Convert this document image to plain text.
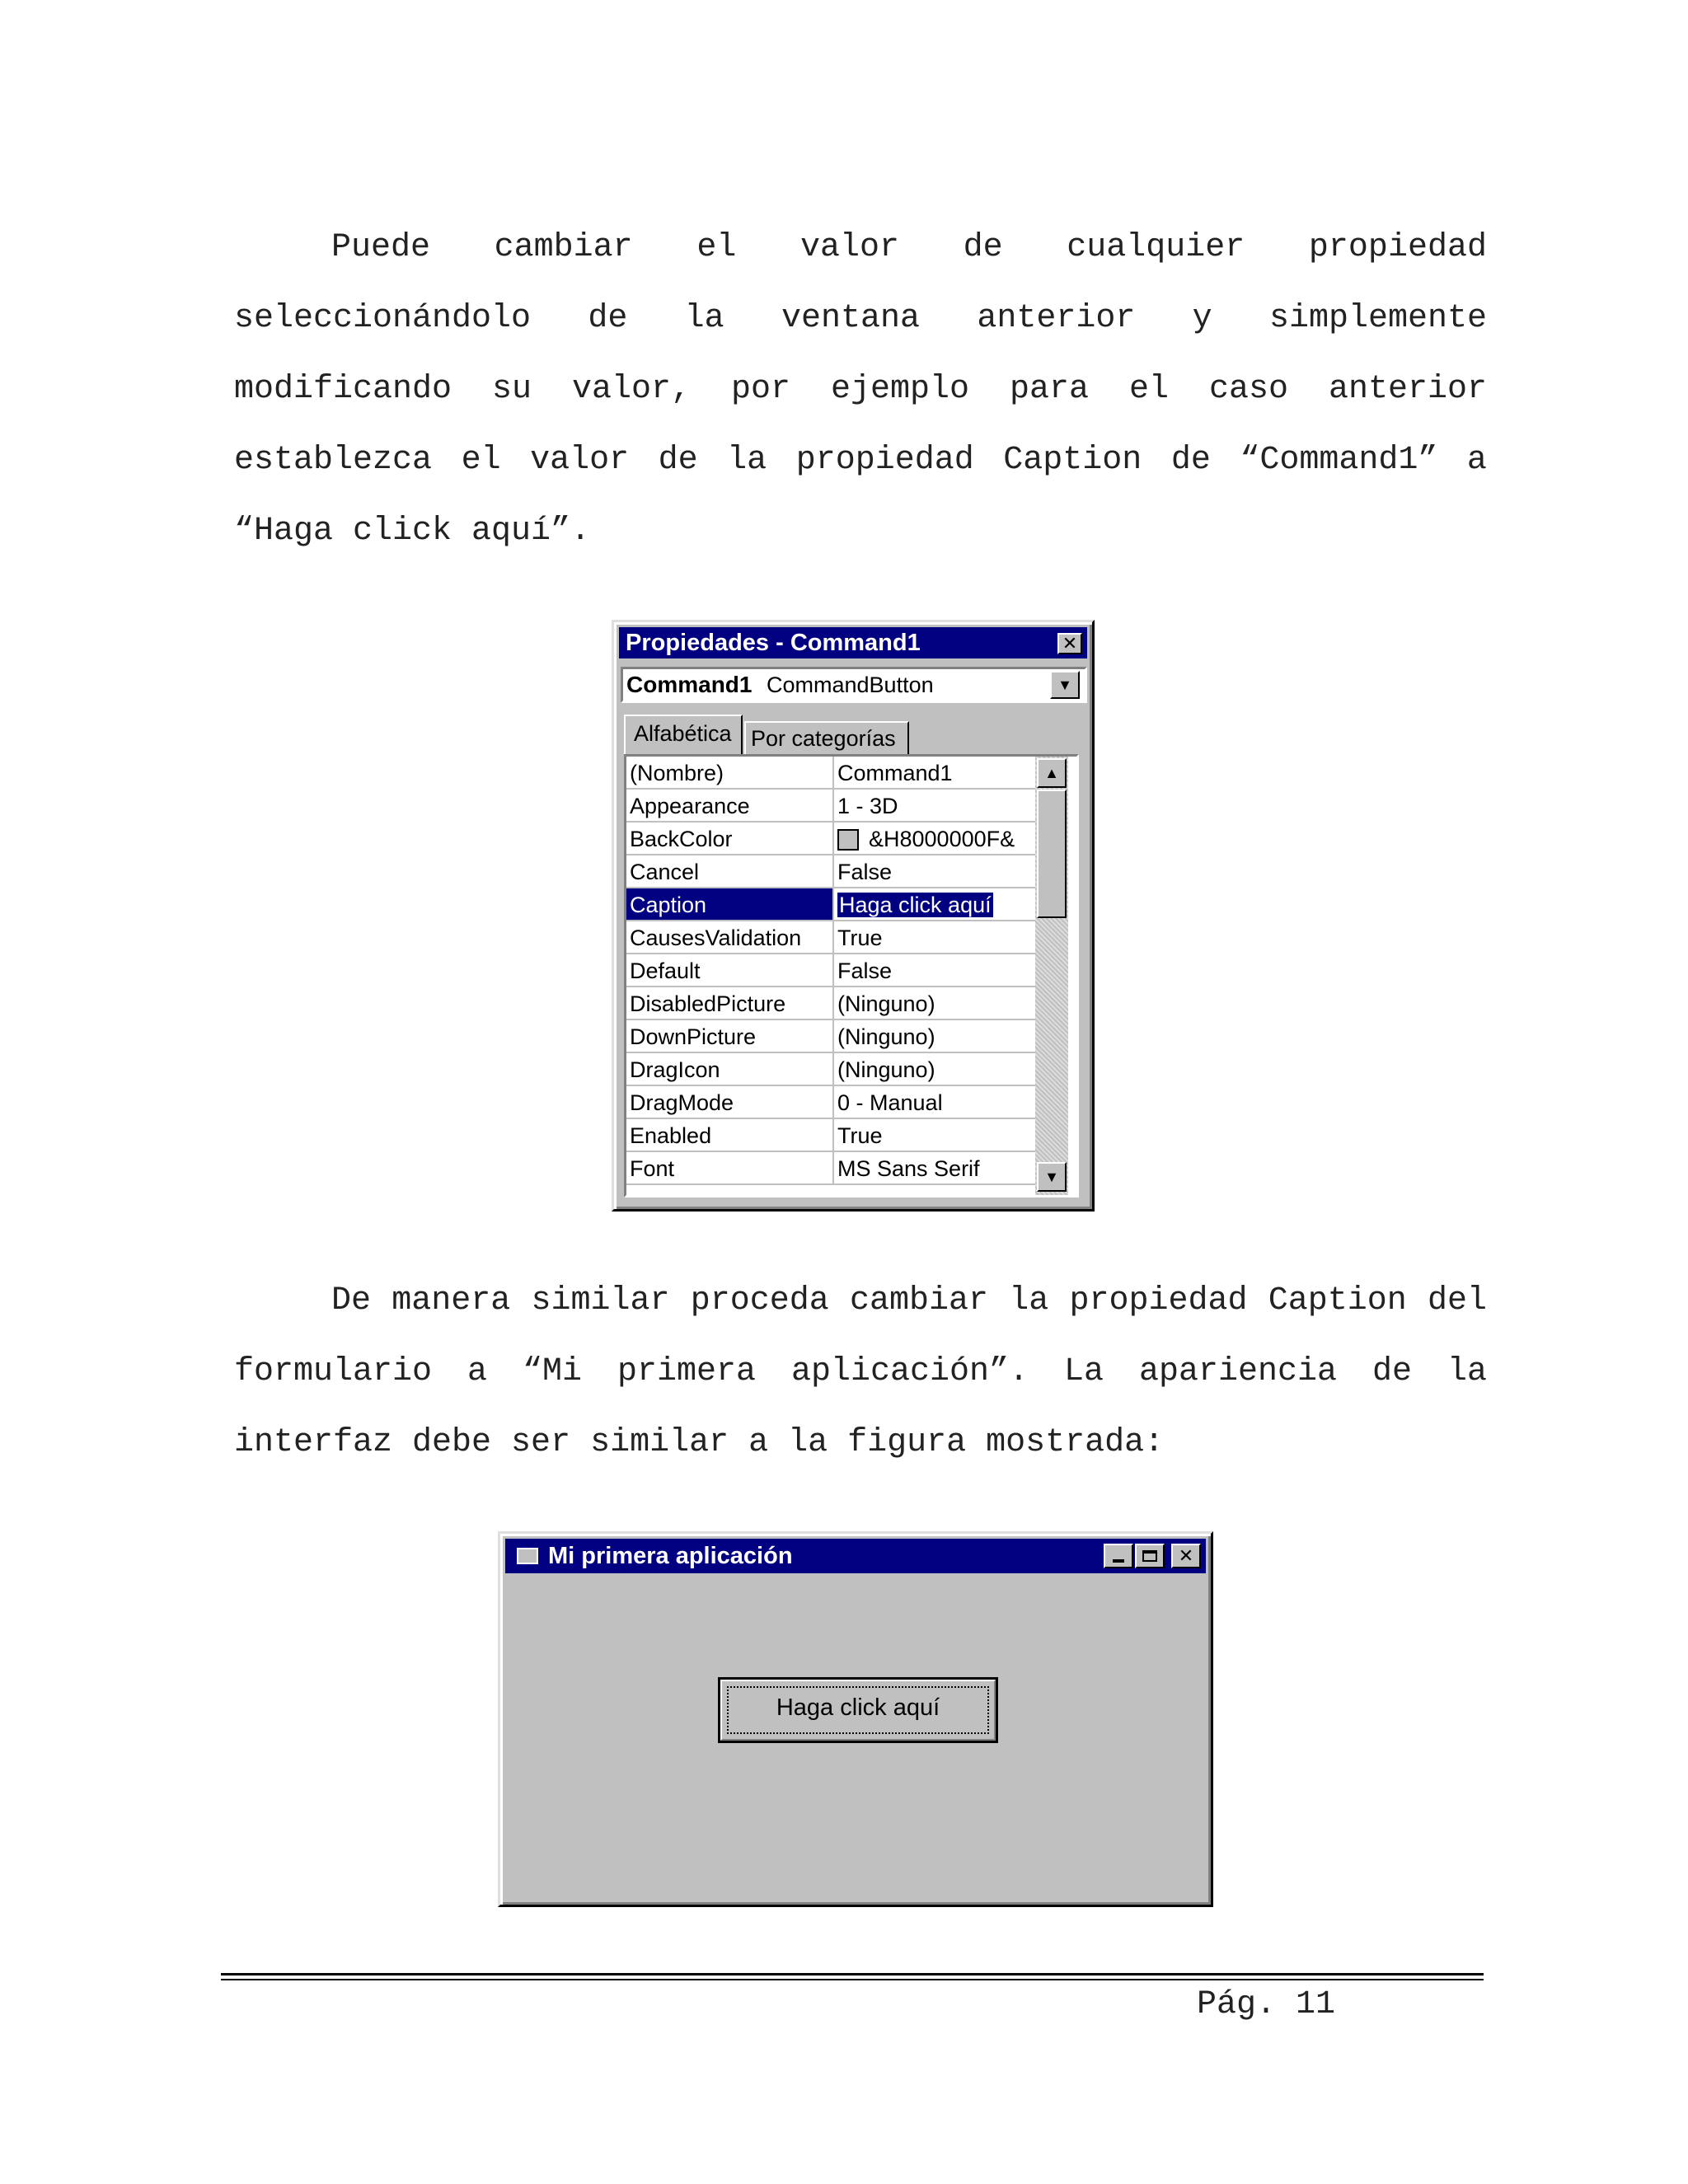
Puede cambiar el valor de cualquier propiedad
seleccionándolo de la ventana anterior y simplemente
modificando su valor, por ejemplo para el caso anterior
establezca el valor de la propiedad Caption de “Command1” a
“Haga click aquí”.
Propiedades - Command1	✕
Command1 CommandButton	▼
Alfabética Por categorías
(Nombre)	Command1
Appearance	1 - 3D
BackColor	&H8000000F&
Cancel	False
Caption	Haga click aquí
CausesValidation	True
Default	False
DisabledPicture	(Ninguno)
DownPicture	(Ninguno)
DragIcon	(Ninguno)
DragMode	0 - Manual
Enabled	True
Font	MS Sans Serif
▲
▼
De manera similar proceda cambiar la propiedad Caption del
formulario a “Mi primera aplicación”. La apariencia de la
interfaz debe ser similar a la figura mostrada:
Mi primera aplicación	✕
Haga click aquí
Pág. 11
